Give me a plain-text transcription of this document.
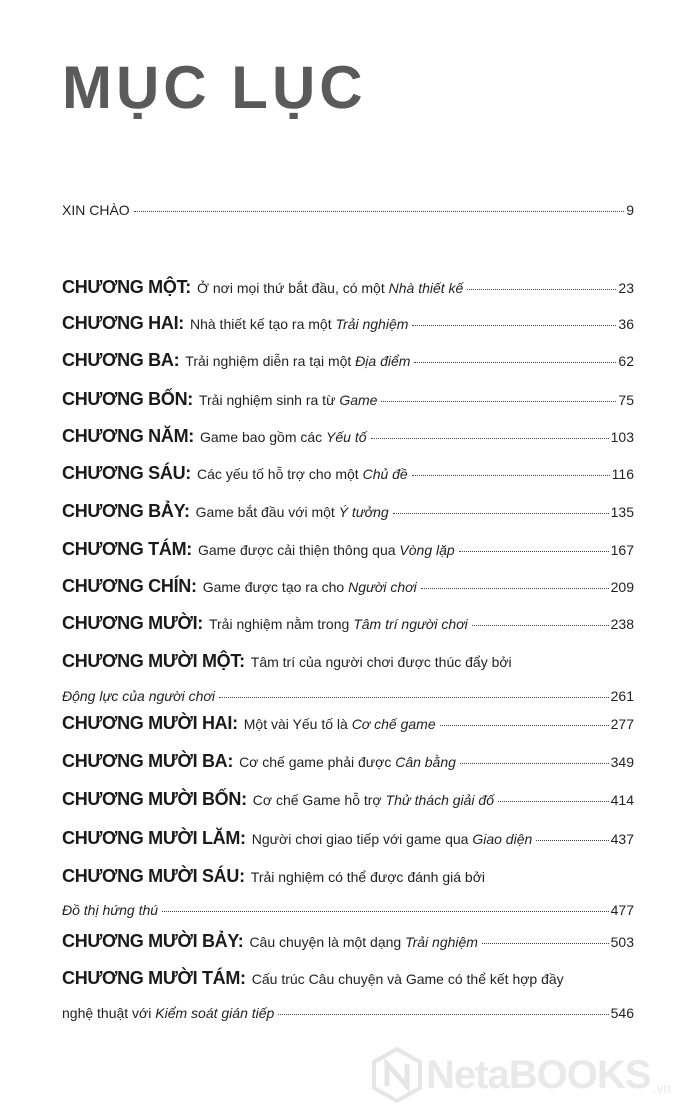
MỤC LỤC
XIN CHÀO	9
CHƯƠNG MỘT: Ở nơi mọi thứ bắt đầu, có một Nhà thiết kế	23
CHƯƠNG HAI: Nhà thiết kế tạo ra một Trải nghiệm	36
CHƯƠNG BA: Trải nghiệm diễn ra tại một Địa điểm	62
CHƯƠNG BỐN: Trải nghiệm sinh ra từ Game	75
CHƯƠNG NĂM: Game bao gồm các Yếu tố	103
CHƯƠNG SÁU: Các yếu tố hỗ trợ cho một Chủ đề	116
CHƯƠNG BẢY: Game bắt đầu với một Ý tưởng	135
CHƯƠNG TÁM: Game được cải thiện thông qua Vòng lặp	167
CHƯƠNG CHÍN: Game được tạo ra cho Người chơi	209
CHƯƠNG MƯỜI: Trải nghiệm nằm trong Tâm trí người chơi	238
CHƯƠNG MƯỜI MỘT: Tâm trí của người chơi được thúc đẩy bởi
Động lực của người chơi	261
CHƯƠNG MƯỜI HAI: Một vài Yếu tố là Cơ chế game	277
CHƯƠNG MƯỜI BA: Cơ chế game phải được Cân bằng	349
CHƯƠNG MƯỜI BỐN: Cơ chế Game hỗ trợ Thử thách giải đố	414
CHƯƠNG MƯỜI LĂM: Người chơi giao tiếp với game qua Giao diện	437
CHƯƠNG MƯỜI SÁU: Trải nghiệm có thể được đánh giá bởi
Đồ thị hứng thú	477
CHƯƠNG MƯỜI BẢY: Câu chuyện là một dạng Trải nghiệm	503
CHƯƠNG MƯỜI TÁM: Cấu trúc Câu chuyện và Game có thể kết hợp đầy
nghệ thuật với Kiểm soát gián tiếp	546
NetaBOOKS .vn
